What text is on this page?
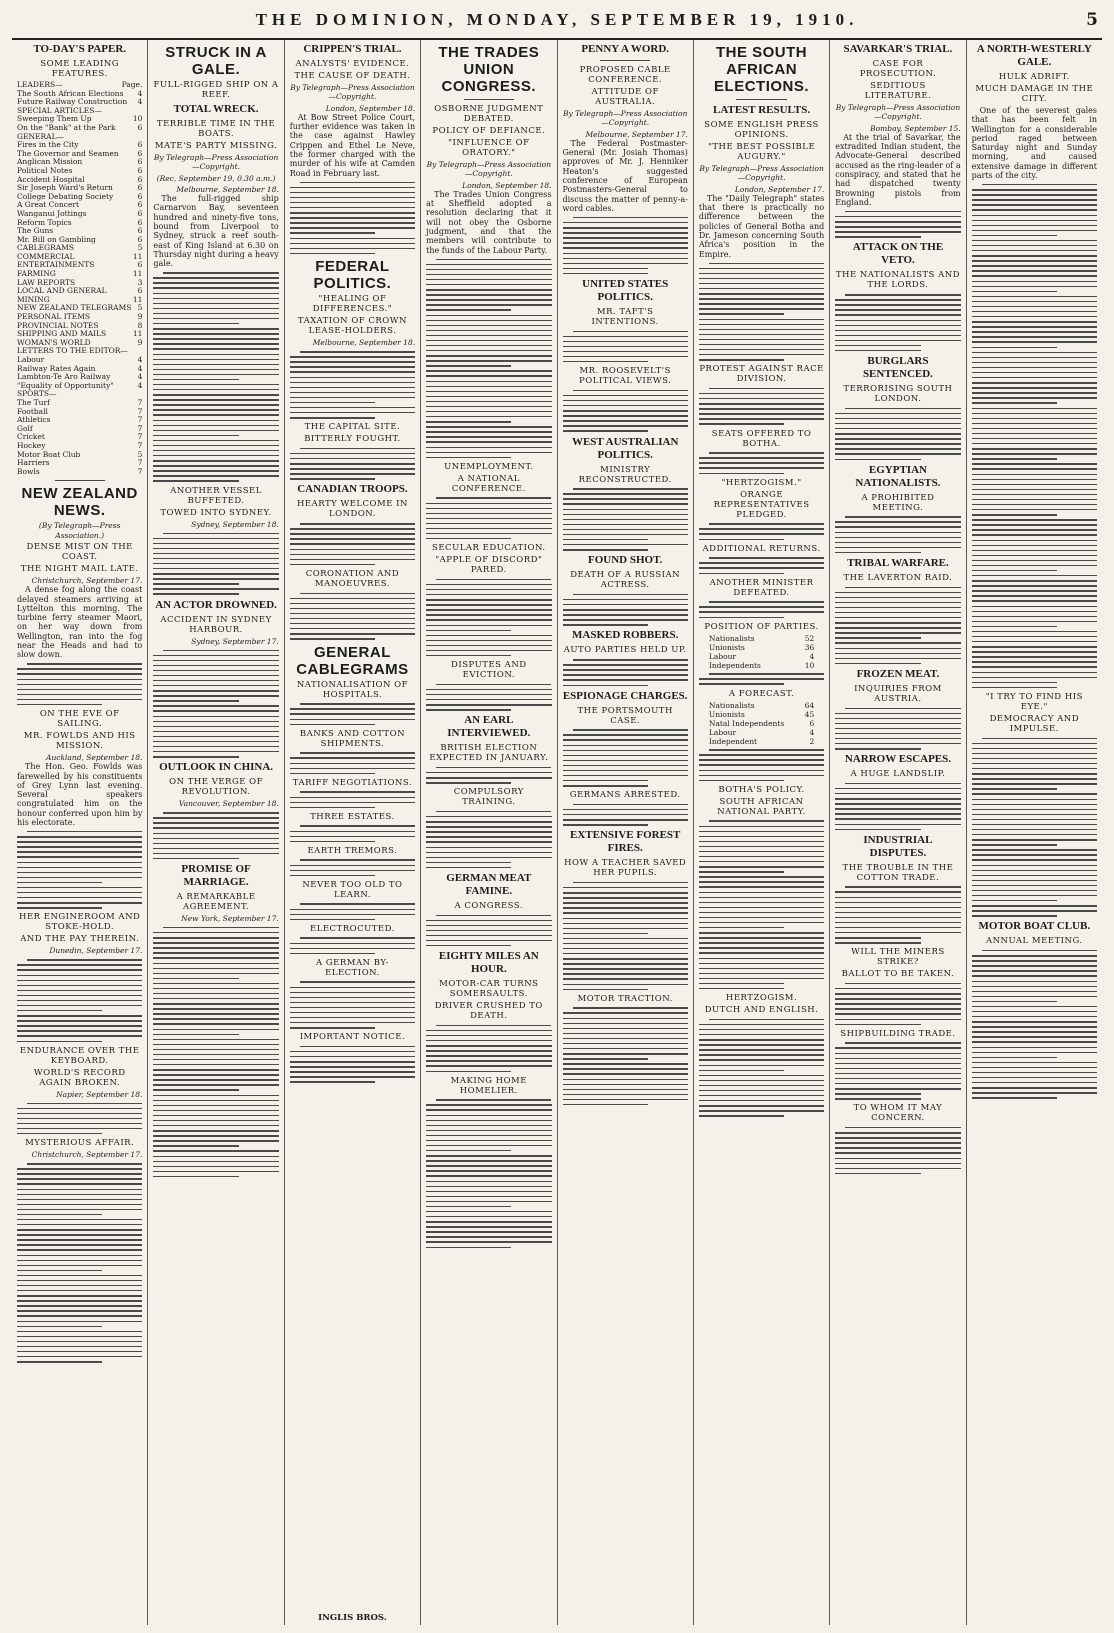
THE DOMINION, MONDAY, SEPTEMBER 19, 1910.	5
TO-DAY'S PAPER.
SOME LEADING FEATURES.
LEADERS—	Page.
The South African Elections 4
Future Railway Construction 4
SPECIAL ARTICLES—
Sweeping Them Up	10
On the "Bank" at the Park	6
GENERAL—
Fires in the City	6
The Governor and Seamen	6
Anglican Mission	6
Political Notes	6
Accident Hospital	6
Sir Joseph Ward's Return	6
College Debating Society	6
A Great Concert	6
Wanganui Jottings	6
Reform Topics	6
The Guns	6
Mr. Bill on Gambling	6
CABLEGRAMS	5
COMMERCIAL	11
ENTERTAINMENTS	6
FARMING	11
LAW REPORTS	3
LOCAL AND GENERAL	6
MINING	11
NEW ZEALAND TELEGRAMS 5
PERSONAL ITEMS	9
PROVINCIAL NOTES	8
SHIPPING AND MAILS	11
WOMAN'S WORLD	9
LETTERS TO THE EDITOR—
Labour	4
Railway Rates Again	4
Lambton-Te Aro Railway	4
"Equality of Opportunity"	4
SPORTS—
The Turf	7
Football	7
Athletics	7
Golf	7
Cricket	7
Hockey	7
Motor Boat Club	5
Harriers	7
Bowls	7
NEW ZEALAND NEWS.
(By Telegraph—Press Association.)
DENSE MIST ON THE COAST.
THE NIGHT MAIL LATE.
Christchurch, September 17.
A dense fog along the coast delayed steamers arriving at Lyttelton this morning. The turbine ferry steamer Maori, on her way down from Wellington, ran into the fog near the Heads and had to slow down.
ON THE EVE OF SAILING.
MR. FOWLDS AND HIS MISSION.
Auckland, September 18.
The Hon. Geo. Fowlds was farewelled by his constituents of Grey Lynn last evening. Several speakers congratulated him on the honour conferred upon him by his electorate.
HER ENGINEROOM AND STOKE-HOLD.
AND THE PAY THEREIN.
Dunedin, September 17.
ENDURANCE OVER THE KEYBOARD.
WORLD'S RECORD AGAIN BROKEN.
Napier, September 18.
MYSTERIOUS AFFAIR.
Christchurch, September 17.
STRUCK IN A GALE.
FULL-RIGGED SHIP ON A REEF.
TOTAL WRECK.
TERRIBLE TIME IN THE BOATS.
MATE'S PARTY MISSING.
By Telegraph—Press Association—Copyright.
(Rec. September 19, 0.30 a.m.)
Melbourne, September 18.
The full-rigged ship Carnarvon Bay, seventeen hundred and ninety-five tons, bound from Liverpool to Sydney, struck a reef south-east of King Island at 6.30 on Thursday night during a heavy gale.
ANOTHER VESSEL BUFFETED.
TOWED INTO SYDNEY.
Sydney, September 18.
AN ACTOR DROWNED.
ACCIDENT IN SYDNEY HARBOUR.
Sydney, September 17.
OUTLOOK IN CHINA.
ON THE VERGE OF REVOLUTION.
Vancouver, September 18.
PROMISE OF MARRIAGE.
A REMARKABLE AGREEMENT.
New York, September 17.
CRIPPEN'S TRIAL.
ANALYSTS' EVIDENCE.
THE CAUSE OF DEATH.
By Telegraph—Press Association—Copyright.
London, September 18.
At Bow Street Police Court, further evidence was taken in the case against Hawley Crippen and Ethel Le Neve, the former charged with the murder of his wife at Camden Road in February last.
FEDERAL POLITICS.
"HEALING OF DIFFERENCES."
TAXATION OF CROWN LEASE-HOLDERS.
Melbourne, September 18.
THE CAPITAL SITE.
BITTERLY FOUGHT.
CANADIAN TROOPS.
HEARTY WELCOME IN LONDON.
CORONATION AND MANOEUVRES.
GENERAL CABLEGRAMS
NATIONALISATION OF HOSPITALS.
BANKS AND COTTON SHIPMENTS.
TARIFF NEGOTIATIONS.
THREE ESTATES.
EARTH TREMORS.
NEVER TOO OLD TO LEARN.
ELECTROCUTED.
A GERMAN BY-ELECTION.
IMPORTANT NOTICE.
INGLIS BROS.
THE TRADES UNION CONGRESS.
OSBORNE JUDGMENT DEBATED.
POLICY OF DEFIANCE.
"INFLUENCE OF ORATORY."
By Telegraph—Press Association—Copyright.
London, September 18.
The Trades Union Congress at Sheffield adopted a resolution declaring that it will not obey the Osborne judgment, and that the members will contribute to the funds of the Labour Party.
UNEMPLOYMENT.
A NATIONAL CONFERENCE.
SECULAR EDUCATION.
"APPLE OF DISCORD" PARED.
DISPUTES AND EVICTION.
AN EARL INTERVIEWED.
BRITISH ELECTION EXPECTED IN JANUARY.
COMPULSORY TRAINING.
GERMAN MEAT FAMINE.
A CONGRESS.
EIGHTY MILES AN HOUR.
MOTOR-CAR TURNS SOMERSAULTS.
DRIVER CRUSHED TO DEATH.
MAKING HOME HOMELIER.
PENNY A WORD.
PROPOSED CABLE CONFERENCE.
ATTITUDE OF AUSTRALIA.
By Telegraph—Press Association—Copyright.
Melbourne, September 17.
The Federal Postmaster-General (Mr. Josiah Thomas) approves of Mr. J. Henniker Heaton's suggested conference of European Postmasters-General to discuss the matter of penny-a-word cables.
UNITED STATES POLITICS.
MR. TAFT'S INTENTIONS.
MR. ROOSEVELT'S POLITICAL VIEWS.
WEST AUSTRALIAN POLITICS.
MINISTRY RECONSTRUCTED.
FOUND SHOT.
DEATH OF A RUSSIAN ACTRESS.
MASKED ROBBERS.
AUTO PARTIES HELD UP.
ESPIONAGE CHARGES.
THE PORTSMOUTH CASE.
GERMANS ARRESTED.
EXTENSIVE FOREST FIRES.
HOW A TEACHER SAVED HER PUPILS.
MOTOR TRACTION.
THE SOUTH AFRICAN ELECTIONS.
LATEST RESULTS.
SOME ENGLISH PRESS OPINIONS.
"THE BEST POSSIBLE AUGURY."
By Telegraph—Press Association—Copyright.
London, September 17.
The "Daily Telegraph" states that there is practically no difference between the policies of General Botha and Dr. Jameson concerning South Africa's position in the Empire.
PROTEST AGAINST RACE DIVISION.
SEATS OFFERED TO BOTHA.
"HERTZOGISM."
ORANGE REPRESENTATIVES PLEDGED.
ADDITIONAL RETURNS.
ANOTHER MINISTER DEFEATED.
POSITION OF PARTIES.
Nationalists	52
Unionists	36
Labour	4
Independents	10
A FORECAST.
Nationalists	64
Unionists	45
Natal Independents	6
Labour	4
Independent	2
BOTHA'S POLICY.
SOUTH AFRICAN NATIONAL PARTY.
HERTZOGISM.
DUTCH AND ENGLISH.
SAVARKAR'S TRIAL.
CASE FOR PROSECUTION.
SEDITIOUS LITERATURE.
By Telegraph—Press Association—Copyright.
Bombay, September 15.
At the trial of Savarkar, the extradited Indian student, the Advocate-General described accused as the ring-leader of a conspiracy, and stated that he had dispatched twenty Browning pistols from England.
ATTACK ON THE VETO.
THE NATIONALISTS AND THE LORDS.
BURGLARS SENTENCED.
TERRORISING SOUTH LONDON.
EGYPTIAN NATIONALISTS.
A PROHIBITED MEETING.
TRIBAL WARFARE.
THE LAVERTON RAID.
FROZEN MEAT.
INQUIRIES FROM AUSTRIA.
NARROW ESCAPES.
A HUGE LANDSLIP.
INDUSTRIAL DISPUTES.
THE TROUBLE IN THE COTTON TRADE.
WILL THE MINERS STRIKE?
BALLOT TO BE TAKEN.
SHIPBUILDING TRADE.
TO WHOM IT MAY CONCERN.
A NORTH-WESTERLY GALE.
HULK ADRIFT.
MUCH DAMAGE IN THE CITY.
One of the severest gales that has been felt in Wellington for a considerable period raged between Saturday night and Sunday morning, and caused extensive damage in different parts of the city.
"I TRY TO FIND HIS EYE."
DEMOCRACY AND IMPULSE.
MOTOR BOAT CLUB.
ANNUAL MEETING.
